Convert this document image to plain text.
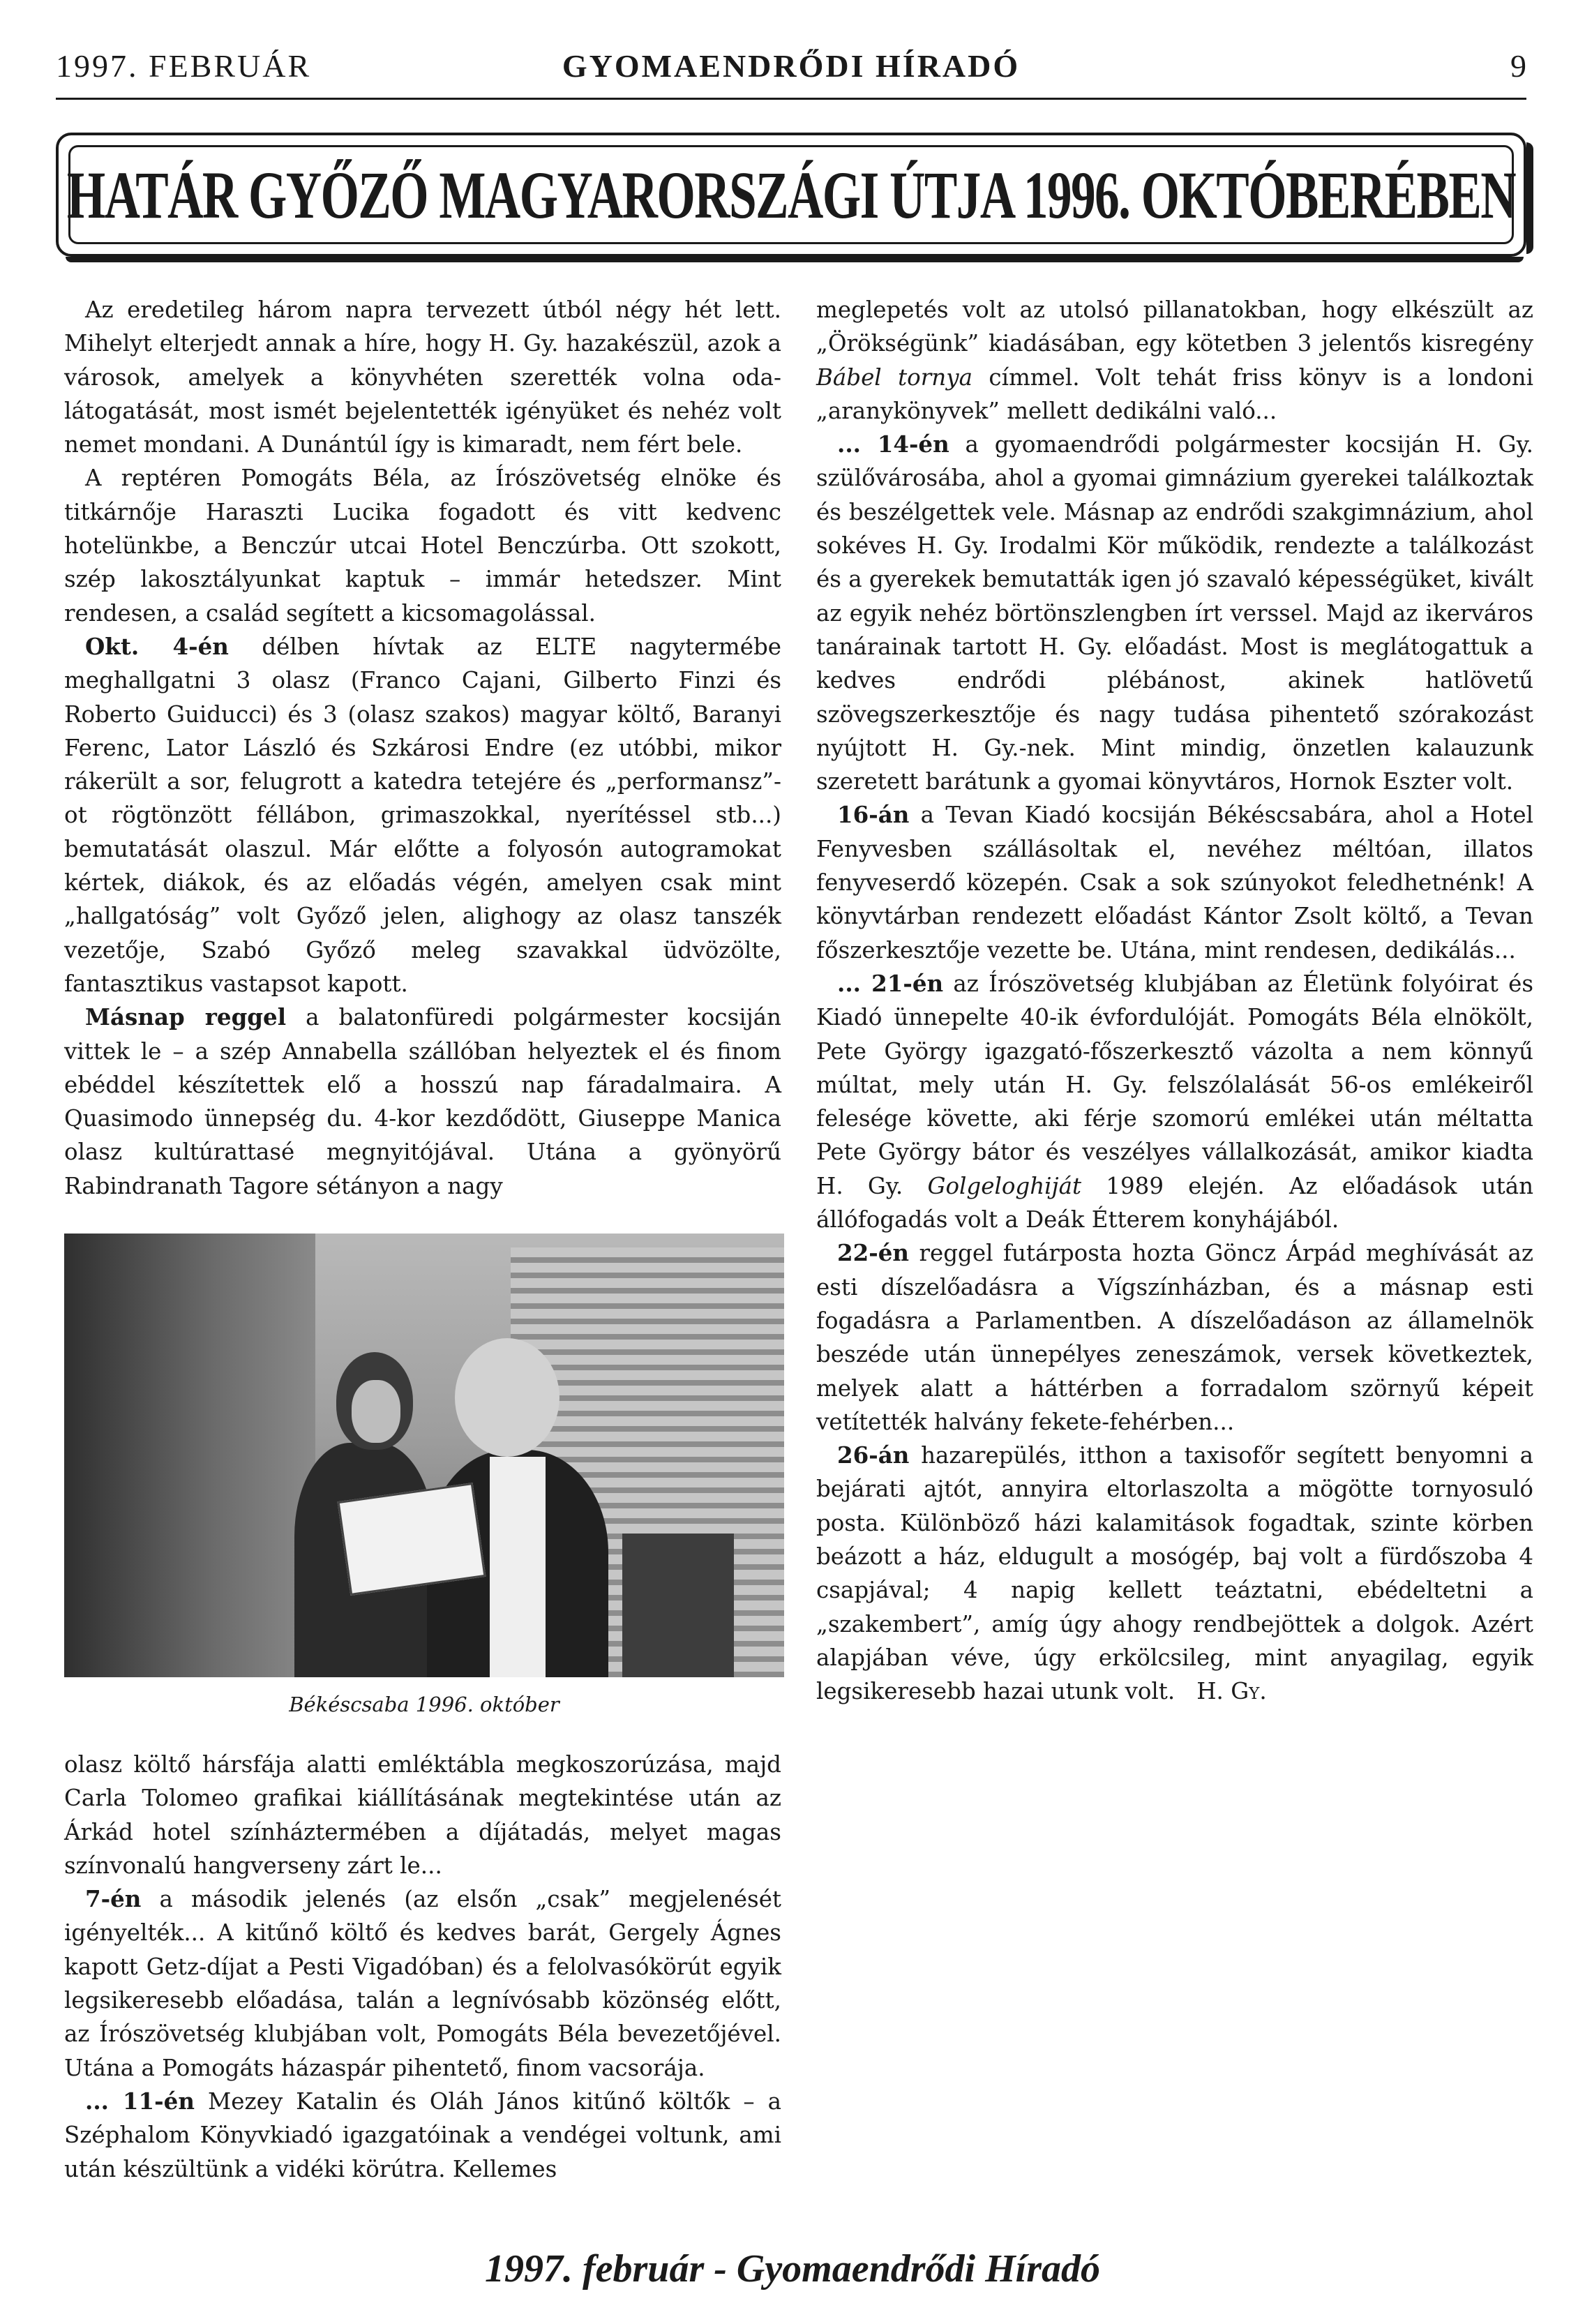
1997. FEBRUÁR	GYOMAENDRŐDI HÍRADÓ	9
HATÁR GYŐZŐ MAGYARORSZÁGI ÚTJA 1996. OKTÓBERÉBEN

Az eredetileg három napra tervezett útból négy hét lett. Mihelyt elterjedt annak a híre, hogy H. Gy. hazakészül, azok a városok, amelyek a könyvhéten szerették volna oda-látogatását, most ismét bejelentették igényüket és nehéz volt nemet mondani. A Dunántúl így is kimaradt, nem fért bele.

A reptéren Pomogáts Béla, az Írószövetség elnöke és titkárnője Haraszti Lucika fogadott és vitt kedvenc hotelünkbe, a Benczúr utcai Hotel Benczúrba. Ott szokott, szép lakosztályunkat kaptuk – immár hetedszer. Mint rendesen, a család segített a kicsomagolással.

Okt. 4-én délben hívtak az ELTE nagytermébe meghallgatni 3 olasz (Franco Cajani, Gilberto Finzi és Roberto Guiducci) és 3 (olasz szakos) magyar költő, Baranyi Ferenc, Lator László és Szkárosi Endre (ez utóbbi, mikor rákerült a sor, felugrott a katedra tetejére és „performansz”-ot rögtönzött féllábon, grimaszokkal, nyerítéssel stb...) bemutatását olaszul. Már előtte a folyosón autogramokat kértek, diákok, és az előadás végén, amelyen csak mint „hallgatóság” volt Győző jelen, alighogy az olasz tanszék vezetője, Szabó Győző meleg szavakkal üdvözölte, fantasztikus vastapsot kapott.

Másnap reggel a balatonfüredi polgármester kocsiján vittek le – a szép Annabella szállóban helyeztek el és finom ebéddel készítettek elő a hosszú nap fáradalmaira. A Quasimodo ünnepség du. 4-kor kezdődött, Giuseppe Manica olasz kultúrattasé megnyitójával. Utána a gyönyörű Rabindranath Tagore sétányon a nagy

Békéscsaba 1996. október

olasz költő hársfája alatti emléktábla megkoszorúzása, majd Carla Tolomeo grafikai kiállításának megtekintése után az Árkád hotel színháztermében a díjátadás, melyet magas színvonalú hangverseny zárt le...

7-én a második jelenés (az elsőn „csak” megjelenését igényelték... A kitűnő költő és kedves barát, Gergely Ágnes kapott Getz-díjat a Pesti Vigadóban) és a felolvasókörút egyik legsikeresebb előadása, talán a legnívósabb közönség előtt, az Írószövetség klubjában volt, Pomogáts Béla bevezetőjével. Utána a Pomogáts házaspár pihentető, finom vacsorája.

... 11-én Mezey Katalin és Oláh János kitűnő költők – a Széphalom Könyvkiadó igazgatóinak a vendégei voltunk, ami után készültünk a vidéki körútra. Kellemes

meglepetés volt az utolsó pillanatokban, hogy elkészült az „Örökségünk” kiadásában, egy kötetben 3 jelentős kisregény Bábel tornya címmel. Volt tehát friss könyv is a londoni „aranykönyvek” mellett dedikálni való...

... 14-én a gyomaendrődi polgármester kocsiján H. Gy. szülővárosába, ahol a gyomai gimnázium gyerekei találkoztak és beszélgettek vele. Másnap az endrődi szakgimnázium, ahol sokéves H. Gy. Irodalmi Kör működik, rendezte a találkozást és a gyerekek bemutatták igen jó szavaló képességüket, kivált az egyik nehéz börtönszlengben írt verssel. Majd az ikerváros tanárainak tartott H. Gy. előadást. Most is meglátogattuk a kedves endrődi plébánost, akinek hatlövetű szövegszerkesztője és nagy tudása pihentető szórakozást nyújtott H. Gy.-nek. Mint mindig, önzetlen kalauzunk szeretett barátunk a gyomai könyvtáros, Hornok Eszter volt.

16-án a Tevan Kiadó kocsiján Békéscsabára, ahol a Hotel Fenyvesben szállásoltak el, nevéhez méltóan, illatos fenyveserdő közepén. Csak a sok szúnyokot feledhetnénk! A könyvtárban rendezett előadást Kántor Zsolt költő, a Tevan főszerkesztője vezette be. Utána, mint rendesen, dedikálás...

... 21-én az Írószövetség klubjában az Életünk folyóirat és Kiadó ünnepelte 40-ik évfordulóját. Pomogáts Béla elnökölt, Pete György igazgató-főszerkesztő vázolta a nem könnyű múltat, mely után H. Gy. felszólalását 56-os emlékeiről felesége követte, aki férje szomorú emlékei után méltatta Pete György bátor és veszélyes vállalkozását, amikor kiadta H. Gy. Golgeloghiját 1989 elején. Az előadások után állófogadás volt a Deák Étterem konyhájából.

22-én reggel futárposta hozta Göncz Árpád meghívását az esti díszelőadásra a Vígszínházban, és a másnap esti fogadásra a Parlamentben. A díszelőadáson az államelnök beszéde után ünnepélyes zeneszámok, versek következtek, melyek alatt a háttérben a forradalom szörnyű képeit vetítették halvány fekete-fehérben...

26-án hazarepülés, itthon a taxisofőr segített benyomni a bejárati ajtót, annyira eltorlaszolta a mögötte tornyosuló posta. Különböző házi kalamitások fogadtak, szinte körben beázott a ház, eldugult a mosógép, baj volt a fürdőszoba 4 csapjával; 4 napig kellett teáztatni, ebédeltetni a „szakembert”, amíg úgy ahogy rendbejöttek a dolgok. Azért alapjában véve, úgy erkölcsileg, mint anyagilag, egyik legsikeresebb hazai utunk volt. H. Gy.

1997. február - Gyomaendrődi Híradó
